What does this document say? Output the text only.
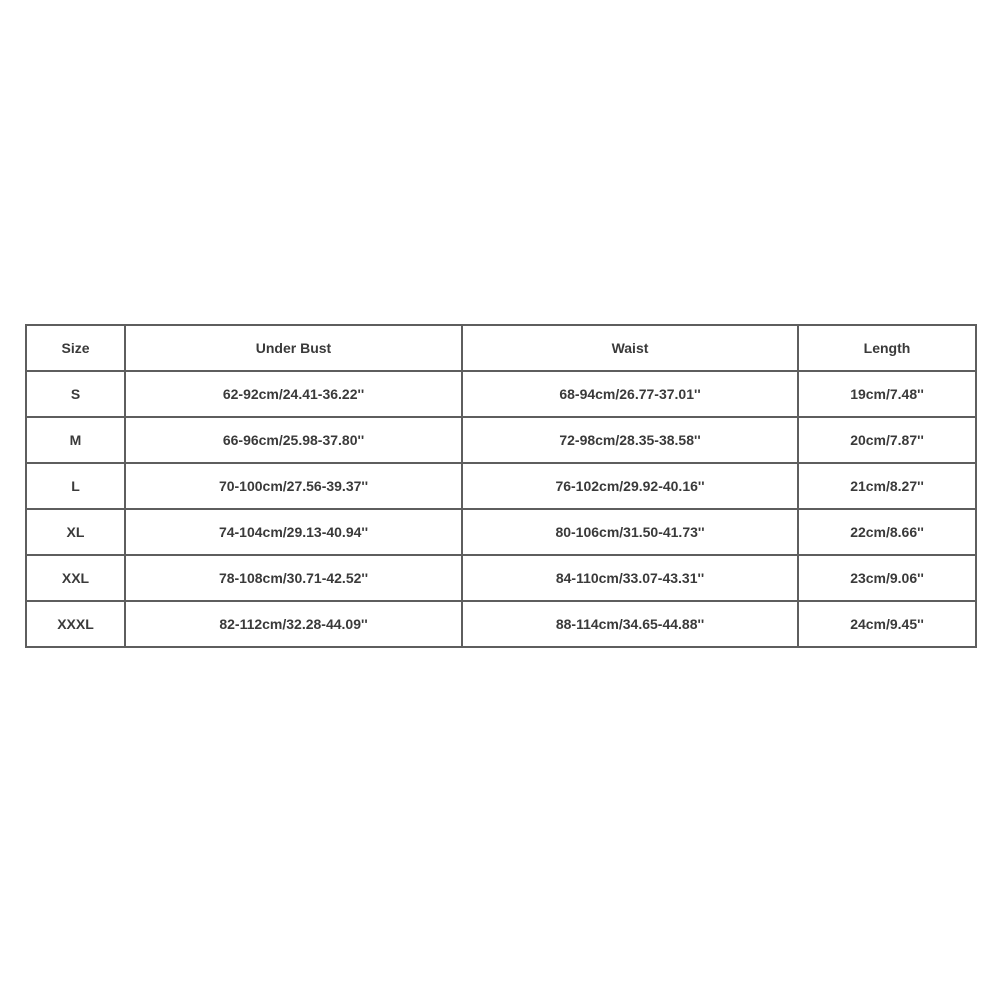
Size	Under Bust	Waist	Length
S	62-92cm/24.41-36.22''	68-94cm/26.77-37.01''	19cm/7.48''
M	66-96cm/25.98-37.80''	72-98cm/28.35-38.58''	20cm/7.87''
L	70-100cm/27.56-39.37''	76-102cm/29.92-40.16''	21cm/8.27''
XL	74-104cm/29.13-40.94''	80-106cm/31.50-41.73''	22cm/8.66''
XXL	78-108cm/30.71-42.52''	84-110cm/33.07-43.31''	23cm/9.06''
XXXL	82-112cm/32.28-44.09''	88-114cm/34.65-44.88''	24cm/9.45''
